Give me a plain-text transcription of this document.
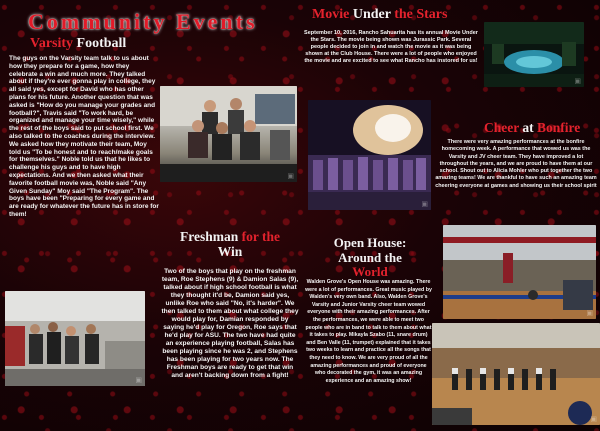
Community Events
Varsity Football
The guys on the Varsity team talk to us about how they prepare for a game, how they celebrate a win and much more. They talked about if they're ever gonna play in college, they all said yes, except for David who has other plans for his future. Another question that was asked is "How do you manage your grades and football?", Travis said "To work hard, be organized and manage your time wisely," while the rest of the boys said to put school first. We also talked to the coaches during the interview. We asked how they motivate their team, Moy told us "To be honest and to reach/make goals for themselves." Noble told us that he likes to challenge his guys and to have high expectations. And we then asked what their favorite football movie was, Noble said "Any Given Sunday" Moy said "The Program". The boys have been "Preparing for every game and are ready for whatever the future has in store for them!
▣
▣
Freshman for the
Win
Two of the boys that play on the freshman team, Roe Stephens (9) & Damion Salas (9), talked about if high school football is what they thought it'd be, Damion said yes, unlike Roe who said "No, it's harder". We then talked to them about what college they would play for, Damian responded by saying he'd play for Oregon, Roe says that he'd play for ASU. The two have had quite an experience playing football, Salas has been playing since he was 2, and Stephens has been playing for two years now. The Freshman boys are ready to get that win and aren't backing down from a fight!
Movie Under the Stars
September 10, 2016, Rancho Sahuarita has its annual Movie Under the Stars. The movie being shown was Jurassic Park. Several people decided to join in and watch the movie as it was being shown at the Club House. There were a lot of people who enjoyed the movie and are excited to see what Rancho has instored for us!
▣
▣
Cheer at Bonfire
There were very amazing performances at the bonfire homecoming week. A performance that wowed us was the Varsity and JV cheer team. They have improved a lot throughout the years, and we are proud to have them at our school. Shout out to Alicia Mohler who put together the two amazing teams! We are thankful to have such an amazing team cheering everyone at games and showing us their school spirit
Open House:
Around the
World
Walden Grove's Open House was amazing. There were a lot of performances. Great music played by Walden's very own band. Also, Walden Grove's Varsity and Junior Varsity cheer team wowed everyone with their amazing performances. After the performances, we were able to meet two people who are in band to talk to them about what it takes to play. Mikayla Szabo (11, snare drum) and Ben Valle (11, trumpet) explained that it takes two weeks to learn and practice all the songs that they need to know. We are very proud of all the amazing performances and proud of everyone who decorated the gym, it was an amazing experience and an amazing show!
▣
▣
